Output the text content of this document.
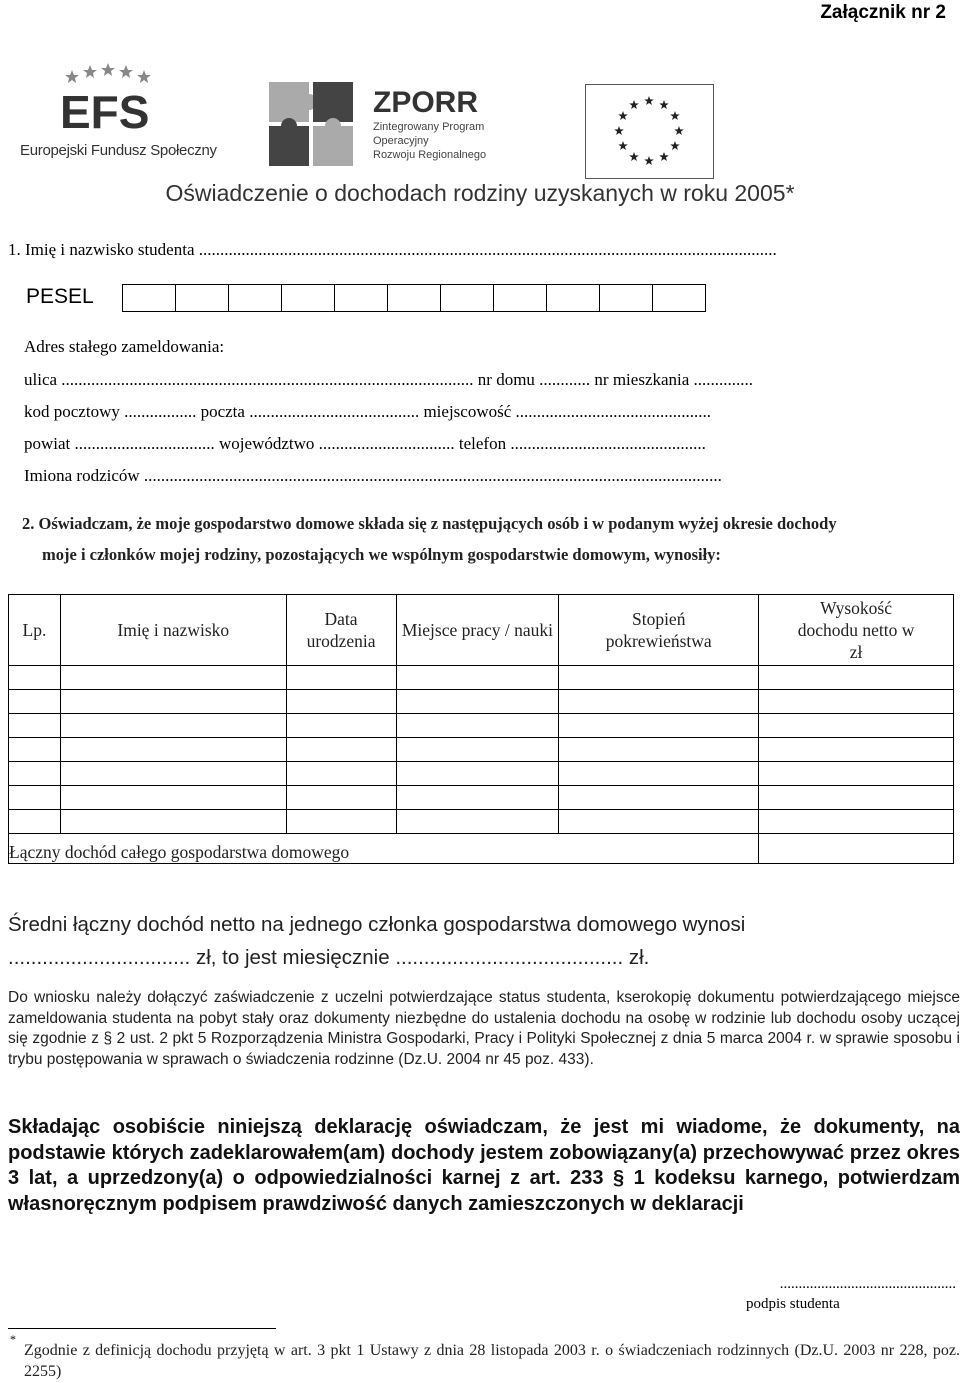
Załącznik nr 2
EFS
Europejski Fundusz Społeczny
ZPORR
Zintegrowany Program
Operacyjny
Rozwoju Regionalnego
Oświadczenie o dochodach rodziny uzyskanych w roku 2005*
1. Imię i nazwisko studenta ........................................................................................................................................
PESEL
Adres stałego zameldowania:
ulica ................................................................................................. nr domu ............ nr mieszkania ..............
kod pocztowy ................. poczta ........................................ miejscowość ..............................................
powiat ................................. województwo ................................ telefon ..............................................
Imiona rodziców ........................................................................................................................................
2. Oświadczam, że moje gospodarstwo domowe składa się z następujących osób i w podanym wyżej okresie dochody
moje i członków mojej rodziny, pozostających we wspólnym gospodarstwie domowym, wynosiły:
Lp.	Imię i nazwisko	Data urodzenia	Miejsce pracy / nauki	Stopień pokrewieństwa	Wysokość dochodu netto w zł

Łączny dochód całego gospodarstwa domowego					
Średni łączny dochód netto na jednego członka gospodarstwa domowego wynosi
................................ zł, to jest miesięcznie ........................................ zł.
Do wniosku należy dołączyć zaświadczenie z uczelni potwierdzające status studenta, kserokopię dokumentu potwierdzającego miejsce zameldowania studenta na pobyt stały oraz dokumenty niezbędne do ustalenia dochodu na osobę w rodzinie lub dochodu osoby uczącej się zgodnie z § 2 ust. 2 pkt 5 Rozporządzenia Ministra Gospodarki, Pracy i Polityki Społecznej z dnia 5 marca 2004 r. w sprawie sposobu i trybu postępowania w sprawach o świadczenia rodzinne (Dz.U. 2004 nr 45 poz. 433).
Składając osobiście niniejszą deklarację oświadczam, że jest mi wiadome, że dokumenty, na podstawie których zadeklarowałem(am) dochody jestem zobowiązany(a) przechowywać przez okres 3 lat, a uprzedzony(a) o odpowiedzialności karnej z art. 233 § 1 kodeksu karnego, potwierdzam własnoręcznym podpisem prawdziwość danych zamieszczonych w deklaracji
...............................................
podpis studenta
*
Zgodnie z definicją dochodu przyjętą w art. 3 pkt 1 Ustawy z dnia 28 listopada 2003 r. o świadczeniach rodzinnych (Dz.U. 2003 nr 228, poz. 2255)
